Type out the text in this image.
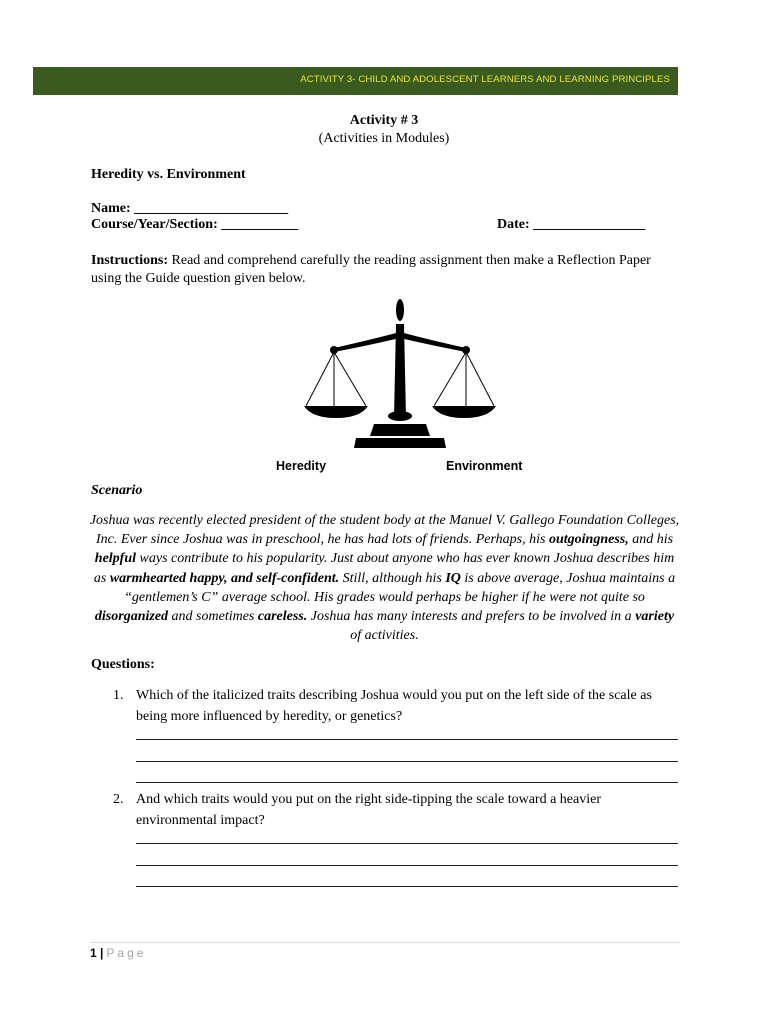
ACTIVITY 3- CHILD AND ADOLESCENT LEARNERS AND LEARNING PRINCIPLES
Activity # 3
(Activities in Modules)
Heredity vs. Environment
Name: ______________________
Course/Year/Section: ___________	Date: ________________
Instructions: Read and comprehend carefully the reading assignment then make a Reflection Paper using the Guide question given below.
Heredity	Environment
Scenario
Joshua was recently elected president of the student body at the Manuel V. Gallego Foundation Colleges, Inc. Ever since Joshua was in preschool, he has had lots of friends. Perhaps, his outgoingness, and his helpful ways contribute to his popularity. Just about anyone who has ever known Joshua describes him as warmhearted happy, and self-confident. Still, although his IQ is above average, Joshua maintains a “gentlemen’s C” average school. His grades would perhaps be higher if he were not quite so disorganized and sometimes careless. Joshua has many interests and prefers to be involved in a variety of activities.
Questions:
1. Which of the italicized traits describing Joshua would you put on the left side of the scale as being more influenced by heredity, or genetics?
2. And which traits would you put on the right side-tipping the scale toward a heavier environmental impact?
1 | Page
